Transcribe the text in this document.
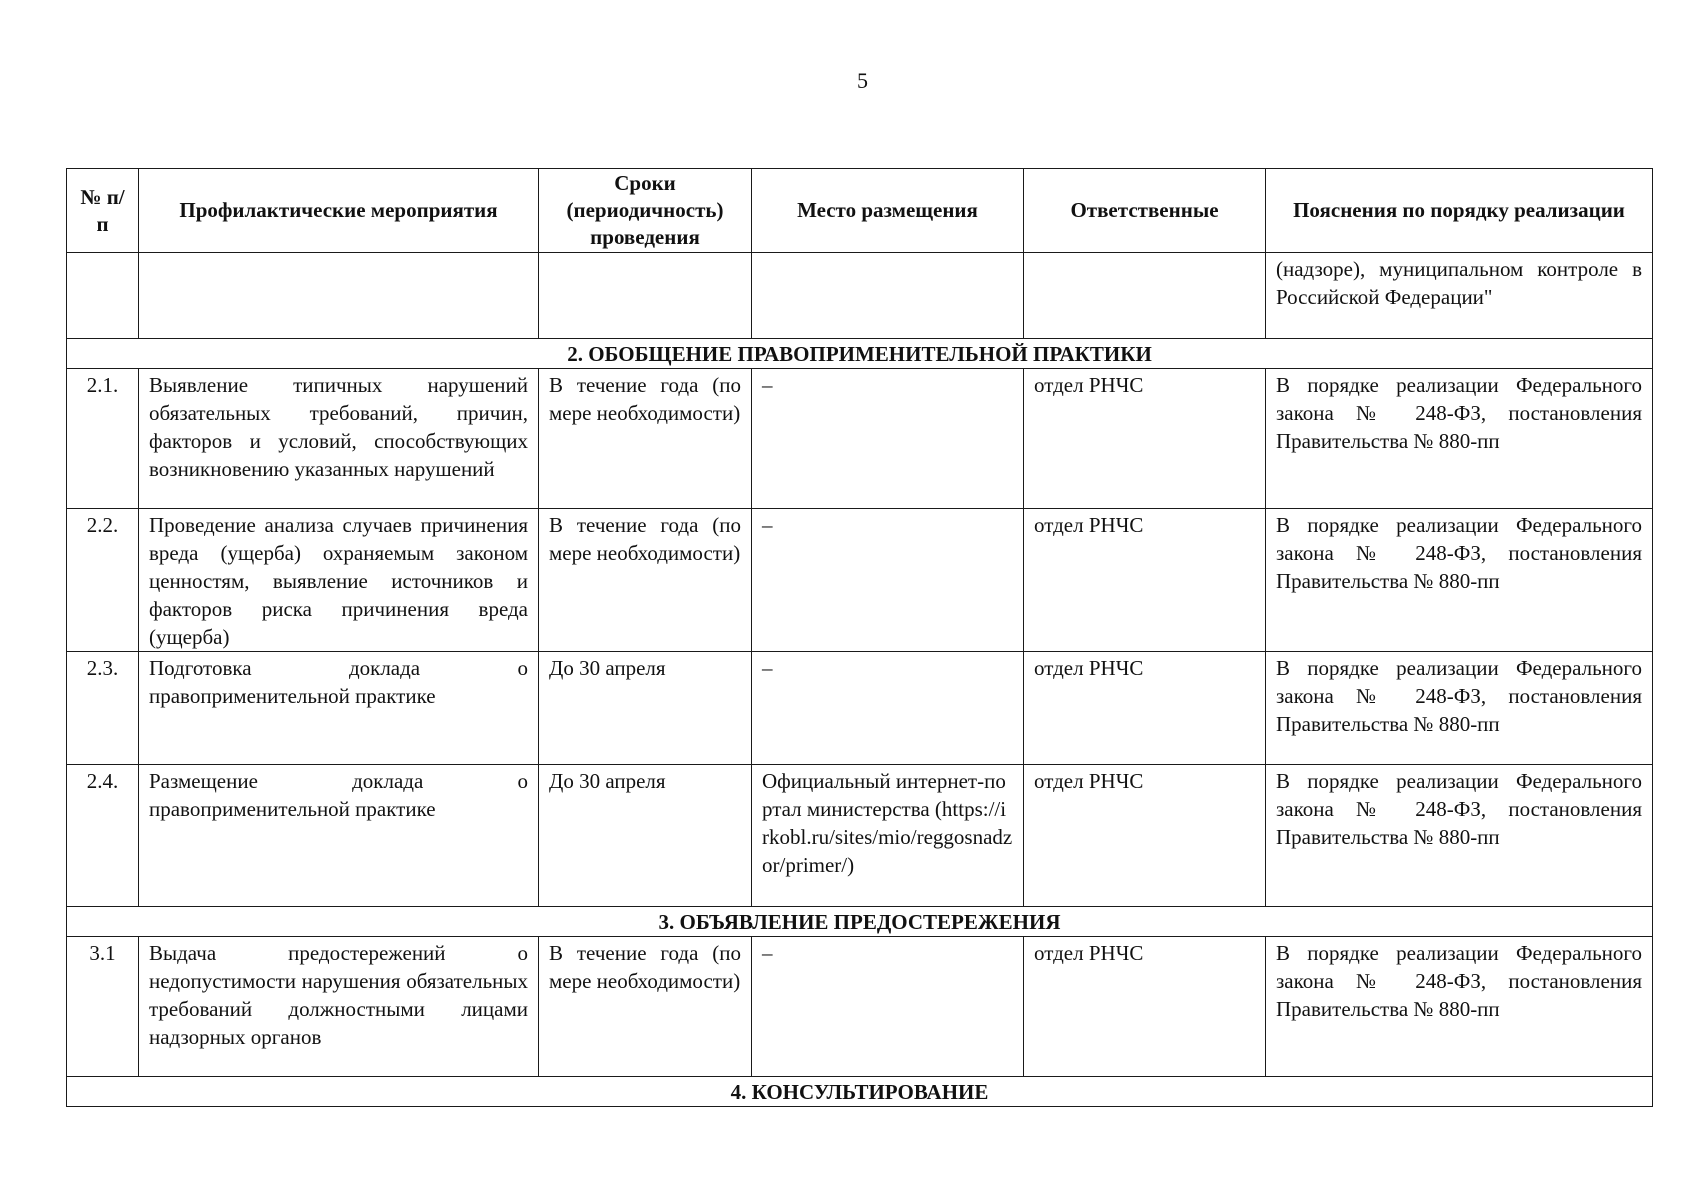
5
№ п/п	Профилактические мероприятия	Сроки (периодичность) проведения	Место размещения	Ответственные	Пояснения по порядку реализации
					(надзоре), муниципальном контроле в Российской Федерации"
2. ОБОБЩЕНИЕ ПРАВОПРИМЕНИТЕЛЬНОЙ ПРАКТИКИ					
2.1.	Выявление типичных нарушений обязательных требований, причин, факторов и условий, способствующих возникновению указанных нарушений	В течение года (по мере необходимости)	–	отдел РНЧС	В порядке реализации Федерального закона № 248-ФЗ, постановления Правительства № 880-пп
2.2.	Проведение анализа случаев причинения вреда (ущерба) охраняемым законом ценностям, выявление источников и факторов риска причинения вреда (ущерба)	В течение года (по мере необходимости)	–	отдел РНЧС	В порядке реализации Федерального закона № 248-ФЗ, постановления Правительства № 880-пп
2.3.	Подготовка доклада о правоприменительной практике	До 30 апреля	–	отдел РНЧС	В порядке реализации Федерального закона № 248-ФЗ, постановления Правительства № 880-пп
2.4.	Размещение доклада о правоприменительной практике	До 30 апреля	Официальный интернет-портал министерства (https://irkobl.ru/sites/mio/reggosnadzor/primer/)	отдел РНЧС	В порядке реализации Федерального закона № 248-ФЗ, постановления Правительства № 880-пп
3. ОБЪЯВЛЕНИЕ ПРЕДОСТЕРЕЖЕНИЯ					
3.1	Выдача предостережений о недопустимости нарушения обязательных требований должностными лицами надзорных органов	В течение года (по мере необходимости)	–	отдел РНЧС	В порядке реализации Федерального закона № 248-ФЗ, постановления Правительства № 880-пп
4. КОНСУЛЬТИРОВАНИЕ					
